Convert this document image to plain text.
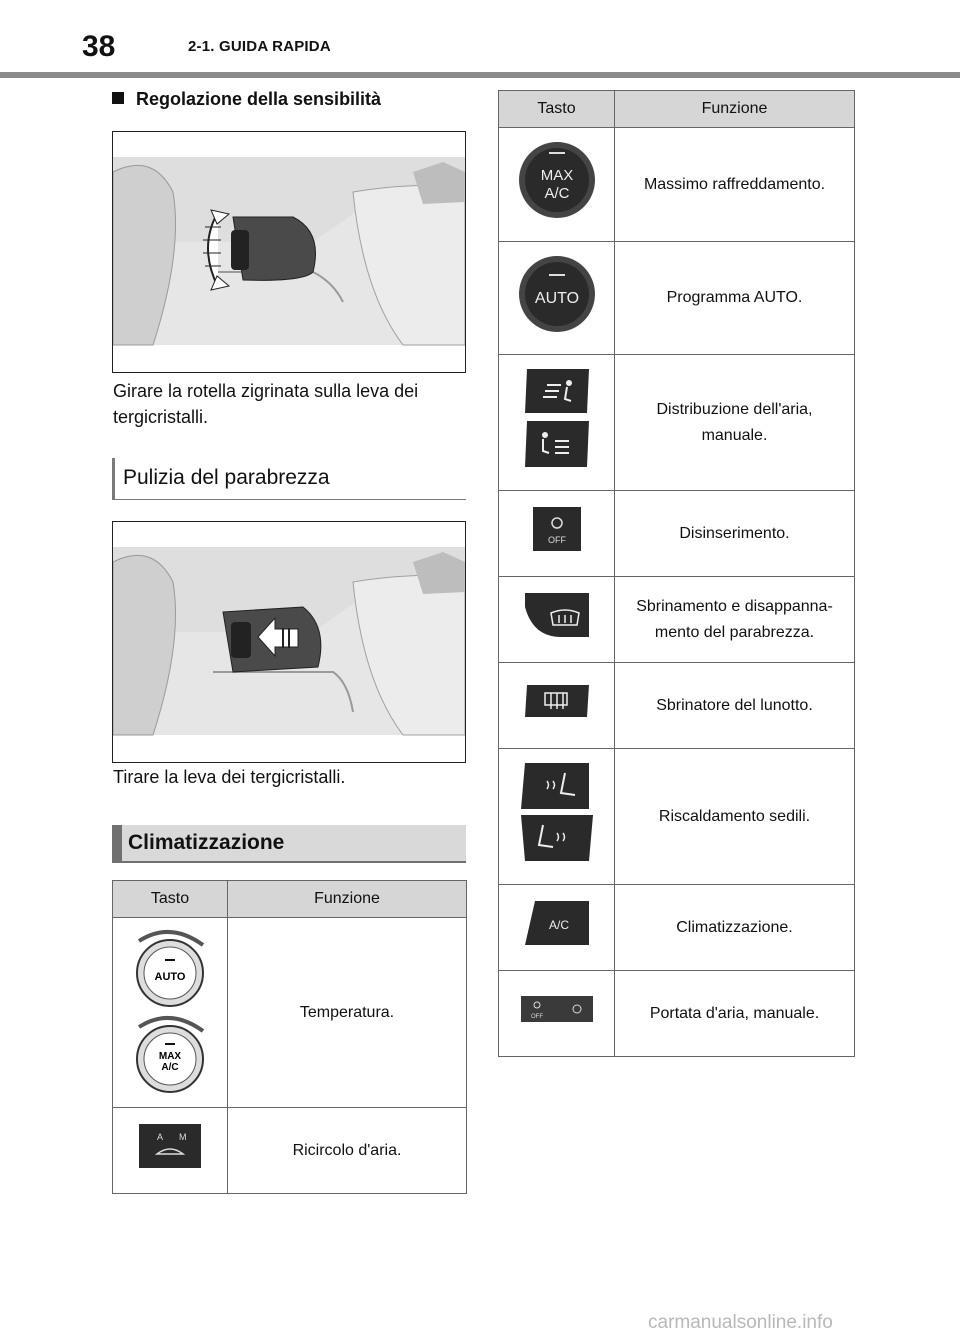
38	2-1. GUIDA RAPIDA
Regolazione della sensibilità
Girare la rotella zigrinata sulla leva dei
tergicristalli.
Pulizia del parabrezza
Tirare la leva dei tergicristalli.
Climatizzazione
Tasto	Funzione

AUTO
MAX
A/C	Temperatura.

A M	Ricircolo d'aria.
Tasto	Funzione

MAX
A/C	Massimo raffreddamento.

AUTO	Programma AUTO.

Distribuzione dell'aria,
manuale.

OFF	Disinserimento.

Sbrinamento e disappanna-
mento del parabrezza.

	Sbrinatore del lunotto.
	Riscaldamento sedili.

A/C	Climatizzazione.

OFF	Portata d'aria, manuale.
carmanualsonline.info
